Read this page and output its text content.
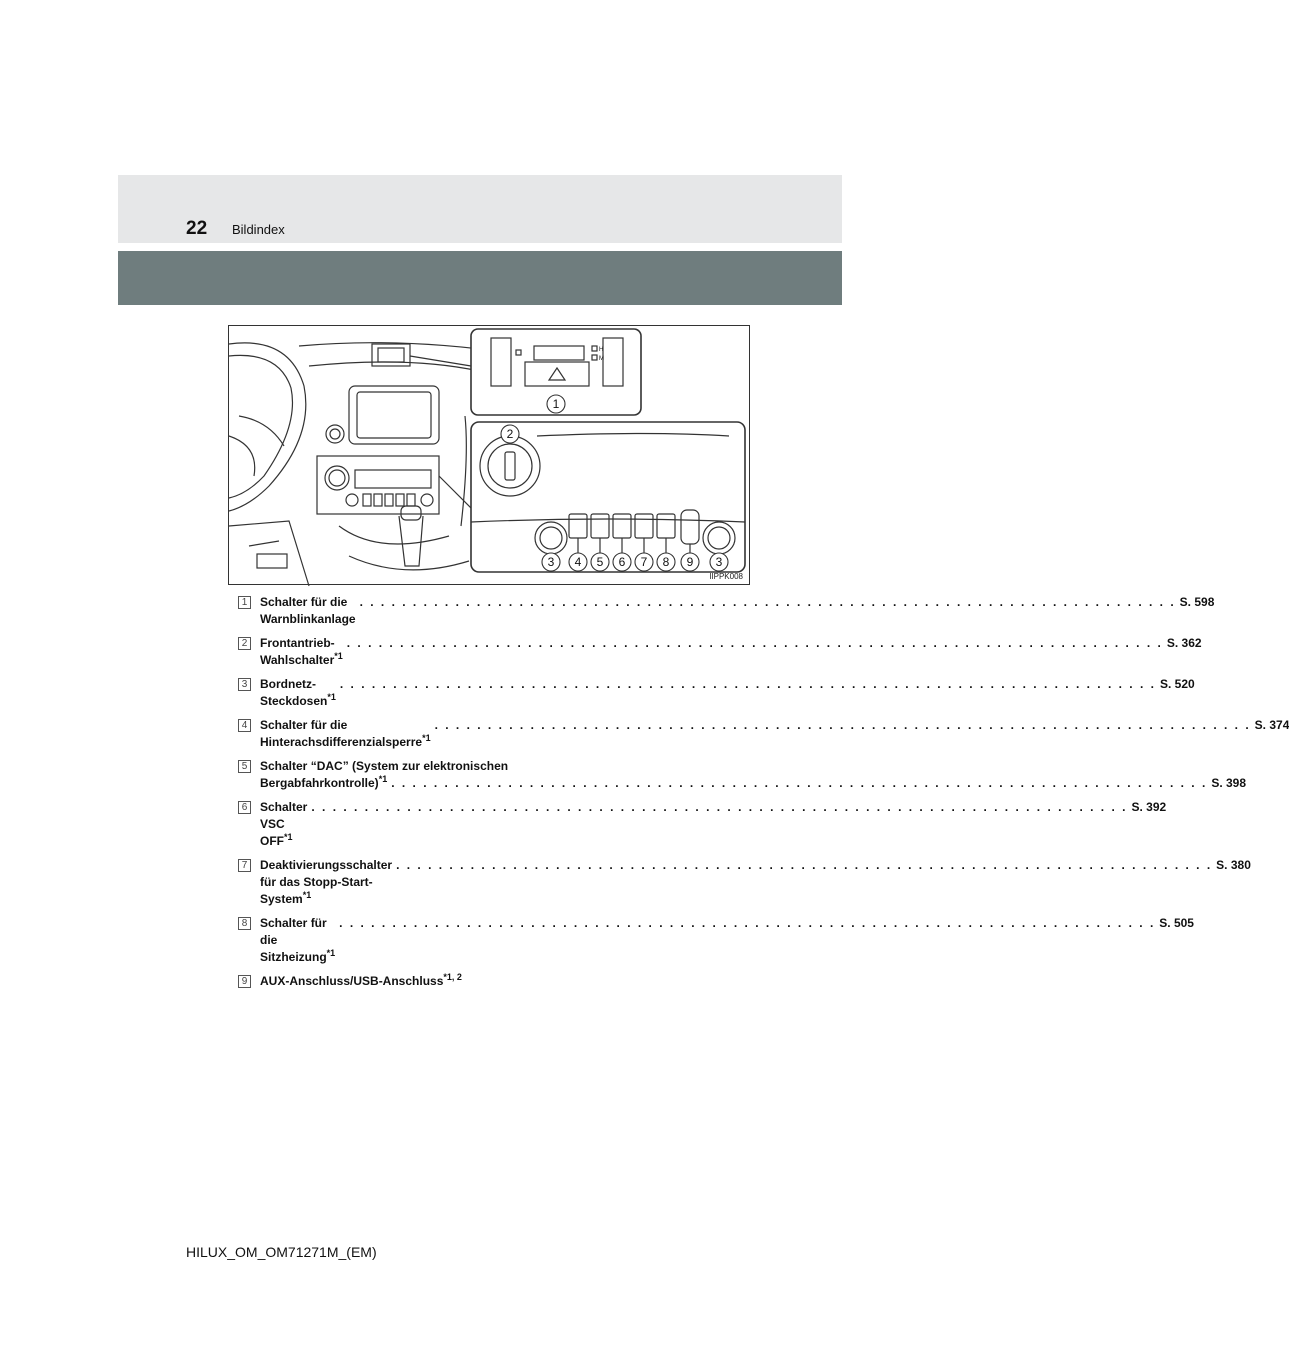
22 Bildindex
1
2
3 4 5 6 7 8 9 3
H
M
IIPPK008
1	Schalter für die Warnblinkanlage
. . .
S. 598
2	Frontantrieb-Wahlschalter$^{*1}$
. . .
S. 362
3	Bordnetz-Steckdosen$^{*1}$
. . .
S. 520
4	Schalter für die Hinterachsdifferenzialsperre$^{*1}$
. . .
S. 374
5	Schalter “DAC” (System zur elektronischen
Bergabfahrkontrolle)$^{*1}$
. . .	S. 398
6	Schalter VSC OFF$^{*1}$
. . .
S. 392
7	Deaktivierungsschalter für das Stopp-Start-System$^{*1}$
. . .
S. 380
8	Schalter für die Sitzheizung$^{*1}$
. . .
S. 505
9	AUX-Anschluss/USB-Anschluss$^{*1, 2}$
HILUX_OM_OM71271M_(EM)
